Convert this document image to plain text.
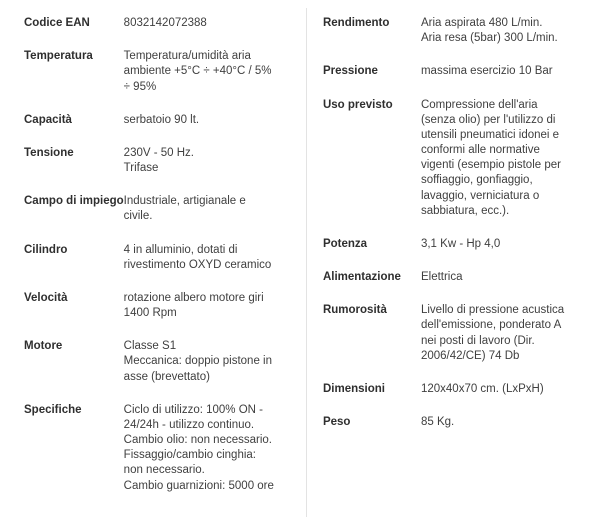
Codice EAN	8032142072388

Temperatura	Temperatura/umidità aria
ambiente +5°C ÷ +40°C / 5%
÷ 95%

Capacità	serbatoio 90 lt.

Tensione	230V - 50 Hz.
Trifase

Campo di impiego	Industriale, artigianale e
civile.

Cilindro	4 in alluminio, dotati di
rivestimento OXYD ceramico

Velocità	rotazione albero motore giri
1400 Rpm

Motore	Classe S1
Meccanica: doppio pistone in
asse (brevettato)

Specifiche	Ciclo di utilizzo: 100% ON -
24/24h - utilizzo continuo.
Cambio olio: non necessario.
Fissaggio/cambio cinghia:
non necessario.
Cambio guarnizioni: 5000 ore
Rendimento	Aria aspirata 480 L/min.
Aria resa (5bar) 300 L/min.

Pressione	massima esercizio 10 Bar

Uso previsto	Compressione dell'aria
(senza olio) per l'utilizzo di
utensili pneumatici idonei e
conformi alle normative
vigenti (esempio pistole per
soffiaggio, gonfiaggio,
lavaggio, verniciatura o
sabbiatura, ecc.).

Potenza	3,1 Kw - Hp 4,0

Alimentazione	Elettrica

Rumorosità	Livello di pressione acustica
dell'emissione, ponderato A
nei posti di lavoro (Dir.
2006/42/CE) 74 Db

Dimensioni	120x40x70 cm. (LxPxH)

Peso	85 Kg.
